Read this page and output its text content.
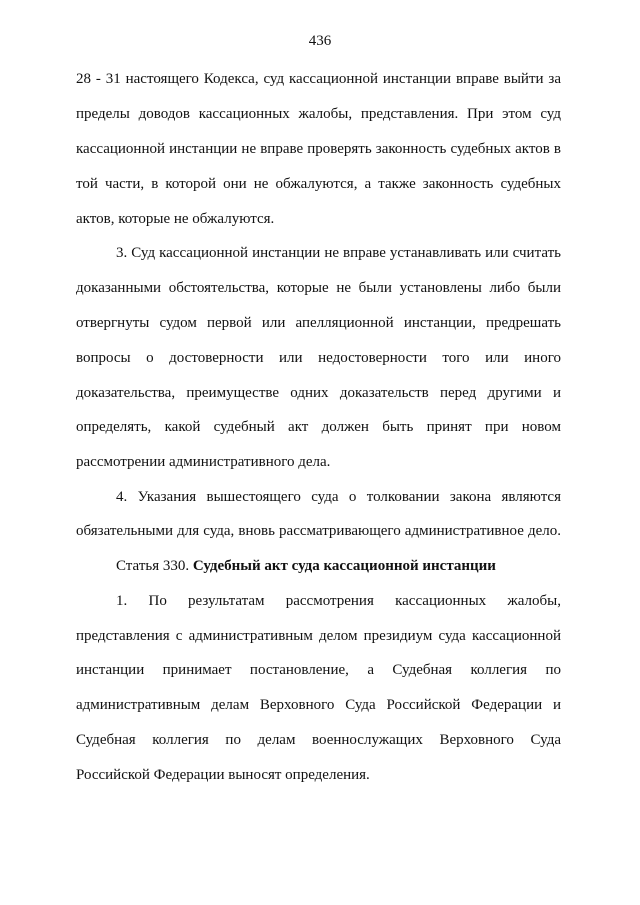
436
28 - 31 настоящего Кодекса, суд кассационной инстанции вправе выйти за
пределы доводов кассационных жалобы, представления. При этом суд
кассационной инстанции не вправе проверять законность судебных актов в
той части, в которой они не обжалуются, а также законность судебных
актов, которые не обжалуются.
3. Суд кассационной инстанции не вправе устанавливать или считать
доказанными обстоятельства, которые не были установлены либо были
отвергнуты судом первой или апелляционной инстанции, предрешать
вопросы о достоверности или недостоверности того или иного
доказательства, преимуществе одних доказательств перед другими и
определять, какой судебный акт должен быть принят при новом
рассмотрении административного дела.
4. Указания вышестоящего суда о толковании закона являются
обязательными для суда, вновь рассматривающего административное дело.
Статья 330. Судебный акт суда кассационной инстанции
1. По результатам рассмотрения кассационных жалобы,
представления с административным делом президиум суда кассационной
инстанции принимает постановление, а Судебная коллегия по
административным делам Верховного Суда Российской Федерации и
Судебная коллегия по делам военнослужащих Верховного Суда
Российской Федерации выносят определения.
